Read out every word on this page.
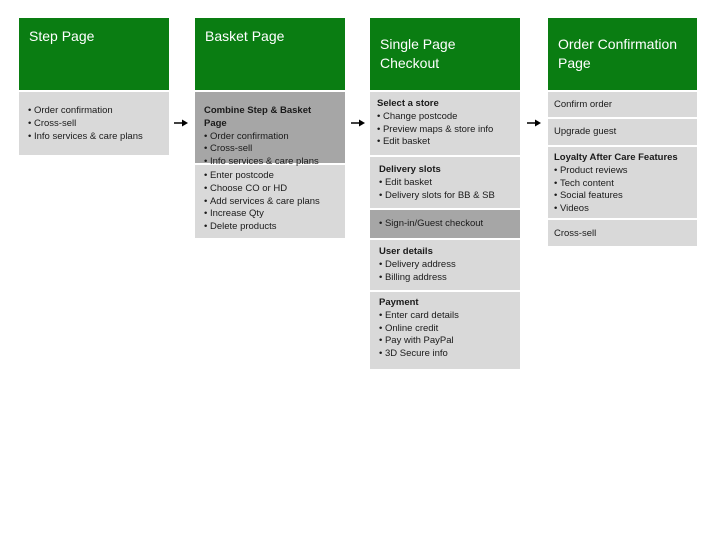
Step Page
• Order confirmation
• Cross-sell
• Info services & care plans
Basket Page
Combine Step & Basket Page
• Order confirmation
• Cross-sell
• Info services & care plans
• Enter postcode
• Choose CO or HD
• Add services & care plans
• Increase Qty
• Delete products
Single Page Checkout
Select a store
• Change postcode
• Preview maps & store info
• Edit basket
Delivery slots
• Edit basket
• Delivery slots for BB & SB
• Sign-in/Guest checkout
User details
• Delivery address
• Billing address
Payment
• Enter card details
• Online credit
• Pay with PayPal
• 3D Secure info
Order Confirmation Page
Confirm order
Upgrade guest
Loyalty After Care Features
• Product reviews
• Tech content
• Social features
• Videos
Cross-sell
